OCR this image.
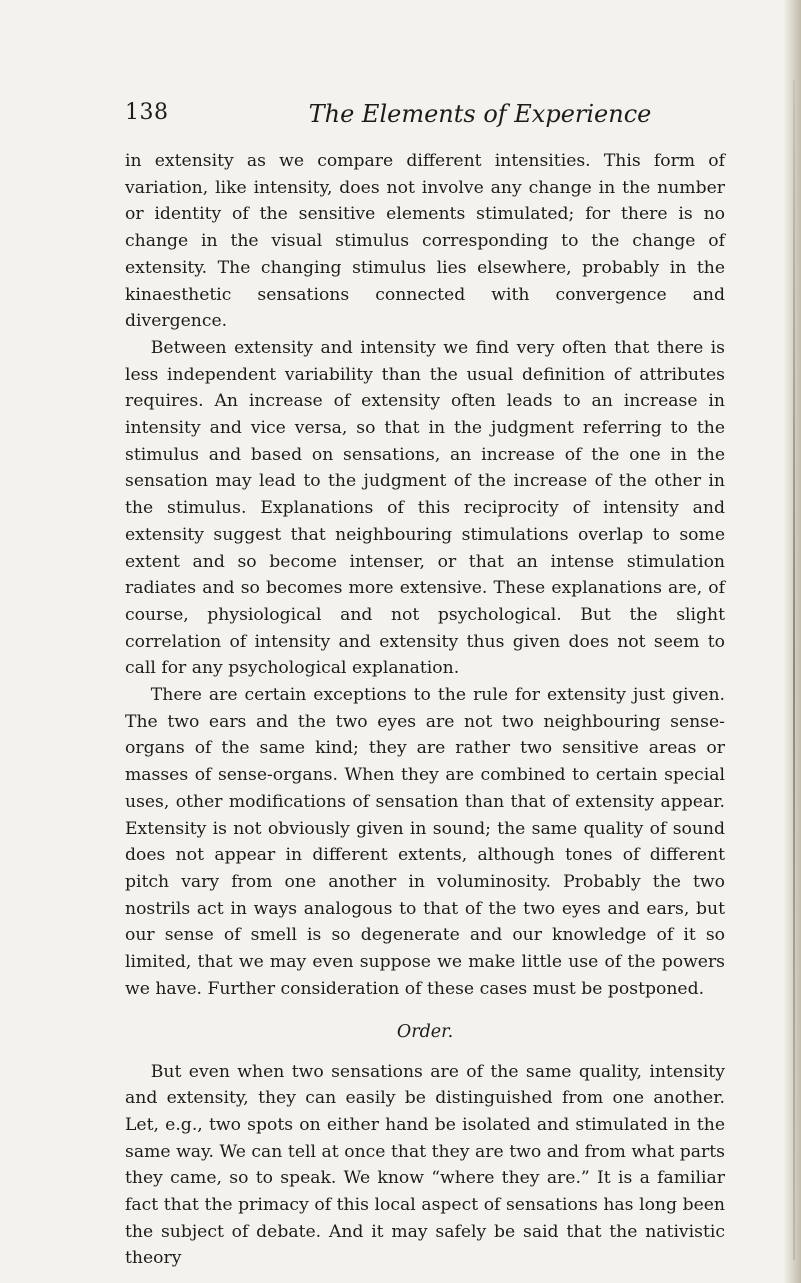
138	The Elements of Experience

in extensity as we compare different intensities. This form of variation, like intensity, does not involve any change in the number or identity of the sensitive elements stimulated; for there is no change in the visual stimulus corresponding to the change of extensity. The changing stimulus lies elsewhere, probably in the kinaesthetic sensations connected with convergence and divergence.

Between extensity and intensity we find very often that there is less independent variability than the usual definition of attributes requires. An increase of extensity often leads to an increase in intensity and vice versa, so that in the judgment referring to the stimulus and based on sensations, an increase of the one in the sensation may lead to the judgment of the increase of the other in the stimulus. Explanations of this reciprocity of intensity and extensity suggest that neighbouring stimulations overlap to some extent and so become intenser, or that an intense stimulation radiates and so becomes more extensive. These explanations are, of course, physiological and not psychological. But the slight correlation of intensity and extensity thus given does not seem to call for any psychological explanation.

There are certain exceptions to the rule for extensity just given. The two ears and the two eyes are not two neighbouring sense-organs of the same kind; they are rather two sensitive areas or masses of sense-organs. When they are combined to certain special uses, other modifications of sensation than that of extensity appear. Extensity is not obviously given in sound; the same quality of sound does not appear in different extents, although tones of different pitch vary from one another in voluminosity. Probably the two nostrils act in ways analogous to that of the two eyes and ears, but our sense of smell is so degenerate and our knowledge of it so limited, that we may even suppose we make little use of the powers we have. Further consideration of these cases must be postponed.

Order.

But even when two sensations are of the same quality, intensity and extensity, they can easily be distinguished from one another. Let, e.g., two spots on either hand be isolated and stimulated in the same way. We can tell at once that they are two and from what parts they came, so to speak. We know “where they are.” It is a familiar fact that the primacy of this local aspect of sensations has long been the subject of debate. And it may safely be said that the nativistic theory
